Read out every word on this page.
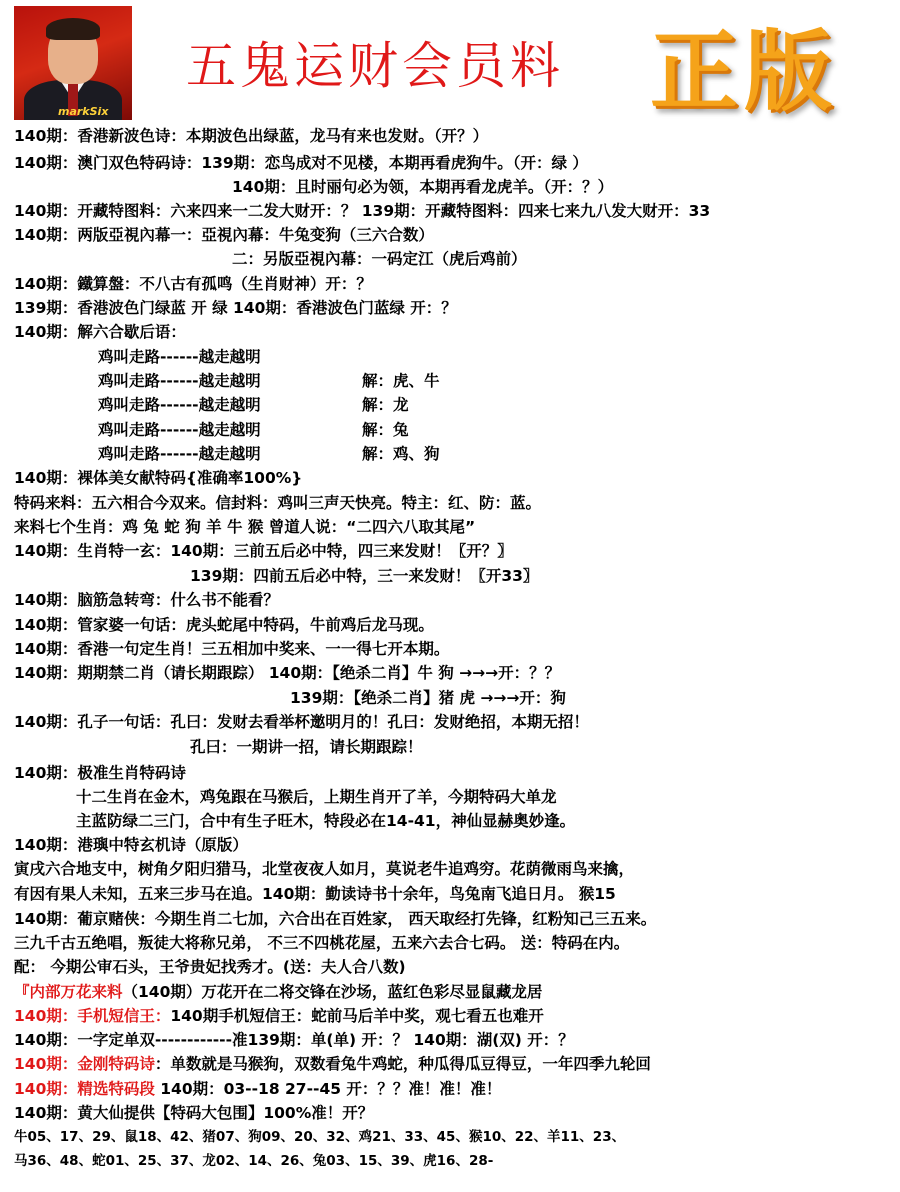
markSix
五鬼运财会员料 正版
140期：香港新波色诗：本期波色出绿蓝，龙马有来也发财。（开？）
140期：澳门双色特码诗：139期：恋鸟成对不见楼，本期再看虎狗牛。（开：绿 ）
140期：且时丽句必为领，本期再看龙虎羊。（开：？）
140期：开藏特图料：六来四来一二发大财开：？ 139期：开藏特图料：四来七来九八发大财开：33
140期：两版亞視內幕一：亞視內幕：牛兔变狗（三六合数）
二：另版亞視內幕：一码定江（虎后鸡前）
140期：鐵算盤：不八古有孤鸣（生肖财神）开：？
139期：香港波色门绿蓝 开 绿 140期：香港波色门蓝绿 开：？
140期：解六合歇后语：
鸡叫走路------越走越明
鸡叫走路------越走越明	解：虎、牛
鸡叫走路------越走越明	解：龙
鸡叫走路------越走越明	解：兔
鸡叫走路------越走越明	解：鸡、狗
140期：裸体美女献特码{准确率100%}
特码来料：五六相合今双来。信封料：鸡叫三声天快亮。特主：红、防：蓝。
来料七个生肖：鸡 兔 蛇 狗 羊 牛 猴 曾道人说：“二四六八取其尾”
140期：生肖特一玄：140期：三前五后必中特，四三来发财！〖开？〗
139期：四前五后必中特，三一来发财！〖开33〗
140期：脑筋急转弯：什么书不能看？
140期：管家婆一句话：虎头蛇尾中特码，牛前鸡后龙马现。
140期：香港一句定生肖！三五相加中奖来、一一得七开本期。
140期：期期禁二肖（请长期跟踪） 140期：【绝杀二肖】牛 狗 →→→开：？？
139期：【绝杀二肖】猪 虎 →→→开：狗
140期：孔子一句话：孔曰：发财去看举杯邀明月的！孔曰：发财绝招，本期无招！
孔曰：一期讲一招，请长期跟踪！
140期：极准生肖特码诗
十二生肖在金木，鸡兔跟在马猴后，上期生肖开了羊，今期特码大单龙
主蓝防绿二三门，合中有生子旺木，特段必在14-41，神仙显赫奥妙逢。
140期：港璵中特玄机诗（原版）
寅戌六合地支中，树角夕阳归猎马，北堂夜夜人如月，莫说老牛追鸡穷。花荫微雨鸟来擒，
有因有果人未知，五来三步马在追。140期：勤读诗书十余年，鸟兔南飞追日月。 猴15
140期：葡京赌侠：今期生肖二七加，六合出在百姓家， 西天取经打先锋，红粉知己三五来。
三九千古五绝唱，叛徒大将称兄弟， 不三不四桃花屋，五来六去合七码。 送：特码在内。
配： 今期公审石头，王爷贵妃找秀才。(送：夫人合八数)
『内部万花来料（140期）万花开在二将交锋在沙场，蓝红色彩尽显鼠藏龙居
140期：手机短信王：140期手机短信王：蛇前马后羊中奖，观七看五也难开
140期：一字定单双------------准139期：单(单) 开：？ 140期：湖(双) 开：？
140期：金刚特码诗：单数就是马猴狗，双数看兔牛鸡蛇，种瓜得瓜豆得豆，一年四季九轮回
140期：精选特码段 140期：03--18 27--45 开：？？准！准！准！
140期：黄大仙提供【特码大包围】100%准！开？
牛05、17、29、鼠18、42、猪07、狗09、20、32、鸡21、33、45、猴10、22、羊11、23、
马36、48、蛇01、25、37、龙02、14、26、兔03、15、39、虎16、28-
